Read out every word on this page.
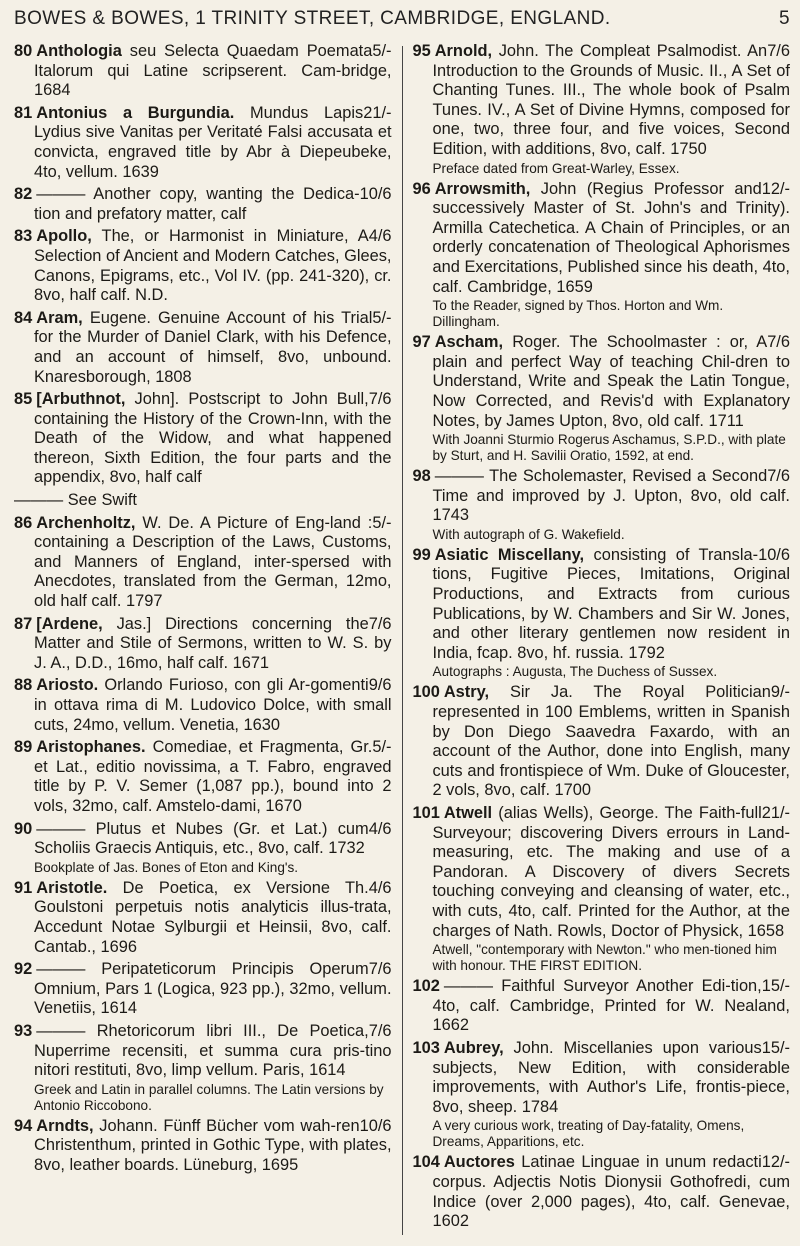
BOWES & BOWES, 1 TRINITY STREET, CAMBRIDGE, ENGLAND.	5
5/-
80 Anthologia seu Selecta Quaedam Poemata Italorum qui Latine scripserent. Cam-bridge, 1684
21/-
81 Antonius a Burgundia. Mundus Lapis Lydius sive Vanitas per Veritaté Falsi accusata et convicta, engraved title by Abr à Diepeubeke, 4to, vellum. 1639
10/6
82 ——— Another copy, wanting the Dedica-tion and prefatory matter, calf
4/6
83 Apollo, The, or Harmonist in Miniature, A Selection of Ancient and Modern Catches, Glees, Canons, Epigrams, etc., Vol IV. (pp. 241-320), cr. 8vo, half calf. N.D.
5/-
84 Aram, Eugene. Genuine Account of his Trial for the Murder of Daniel Clark, with his Defence, and an account of himself, 8vo, unbound. Knaresborough, 1808
7/6
85 [Arbuthnot, John]. Postscript to John Bull, containing the History of the Crown-Inn, with the Death of the Widow, and what happened thereon, Sixth Edition, the four parts and the appendix, 8vo, half calf
——— See Swift
5/-
86 Archenholtz, W. De. A Picture of Eng-land : containing a Description of the Laws, Customs, and Manners of England, inter-spersed with Anecdotes, translated from the German, 12mo, old half calf. 1797
7/6
87 [Ardene, Jas.] Directions concerning the Matter and Stile of Sermons, written to W. S. by J. A., D.D., 16mo, half calf. 1671
9/6
88 Ariosto. Orlando Furioso, con gli Ar-gomenti in ottava rima di M. Ludovico Dolce, with small cuts, 24mo, vellum. Venetia, 1630
5/-
89 Aristophanes. Comediae, et Fragmenta, Gr. et Lat., editio novissima, a T. Fabro, engraved title by P. V. Semer (1,087 pp.), bound into 2 vols, 32mo, calf. Amstelo-dami, 1670
4/6
90 ——— Plutus et Nubes (Gr. et Lat.) cum Scholiis Graecis Antiquis, etc., 8vo, calf. 1732
Bookplate of Jas. Bones of Eton and King's.
4/6
91 Aristotle. De Poetica, ex Versione Th. Goulstoni perpetuis notis analyticis illus-trata, Accedunt Notae Sylburgii et Heinsii, 8vo, calf. Cantab., 1696
7/6
92 ——— Peripateticorum Principis Operum Omnium, Pars 1 (Logica, 923 pp.), 32mo, vellum. Venetiis, 1614
7/6
93 ——— Rhetoricorum libri III., De Poetica, Nuperrime recensiti, et summa cura pris-tino nitori restituti, 8vo, limp vellum. Paris, 1614
Greek and Latin in parallel columns. The Latin versions by Antonio Riccobono.
10/6
94 Arndts, Johann. Fünff Bücher vom wah-ren Christenthum, printed in Gothic Type, with plates, 8vo, leather boards. Lüneburg, 1695
7/6
95 Arnold, John. The Compleat Psalmodist. An Introduction to the Grounds of Music. II., A Set of Chanting Tunes. III., The whole book of Psalm Tunes. IV., A Set of Divine Hymns, composed for one, two, three four, and five voices, Second Edition, with additions, 8vo, calf. 1750
Preface dated from Great-Warley, Essex.
12/-
96 Arrowsmith, John (Regius Professor and successively Master of St. John's and Trinity). Armilla Catechetica. A Chain of Principles, or an orderly concatenation of Theological Aphorismes and Exercitations, Published since his death, 4to, calf. Cambridge, 1659
To the Reader, signed by Thos. Horton and Wm. Dillingham.
7/6
97 Ascham, Roger. The Schoolmaster : or, A plain and perfect Way of teaching Chil-dren to Understand, Write and Speak the Latin Tongue, Now Corrected, and Revis'd with Explanatory Notes, by James Upton, 8vo, old calf. 1711
With Joanni Sturmio Rogerus Aschamus, S.P.D., with plate by Sturt, and H. Savilii Oratio, 1592, at end.
7/6
98 ——— The Scholemaster, Revised a Second Time and improved by J. Upton, 8vo, old calf. 1743
With autograph of G. Wakefield.
10/6
99 Asiatic Miscellany, consisting of Transla-tions, Fugitive Pieces, Imitations, Original Productions, and Extracts from curious Publications, by W. Chambers and Sir W. Jones, and other literary gentlemen now resident in India, fcap. 8vo, hf. russia. 1792
Autographs : Augusta, The Duchess of Sussex.
9/-
100 Astry, Sir Ja. The Royal Politician represented in 100 Emblems, written in Spanish by Don Diego Saavedra Faxardo, with an account of the Author, done into English, many cuts and frontispiece of Wm. Duke of Gloucester, 2 vols, 8vo, calf. 1700
21/-
101 Atwell (alias Wells), George. The Faith-full Surveyour; discovering Divers errours in Land-measuring, etc. The making and use of a Pandoran. A Discovery of divers Secrets touching conveying and cleansing of water, etc., with cuts, 4to, calf. Printed for the Author, at the charges of Nath. Rowls, Doctor of Physick, 1658
Atwell, "contemporary with Newton." who men-tioned him with honour. THE FIRST EDITION.
15/-
102 ——— Faithful Surveyor Another Edi-tion, 4to, calf. Cambridge, Printed for W. Nealand, 1662
15/-
103 Aubrey, John. Miscellanies upon various subjects, New Edition, with considerable improvements, with Author's Life, frontis-piece, 8vo, sheep. 1784
A very curious work, treating of Day-fatality, Omens, Dreams, Apparitions, etc.
12/-
104 Auctores Latinae Linguae in unum redacti corpus. Adjectis Notis Dionysii Gothofredi, cum Indice (over 2,000 pages), 4to, calf. Genevae, 1602
